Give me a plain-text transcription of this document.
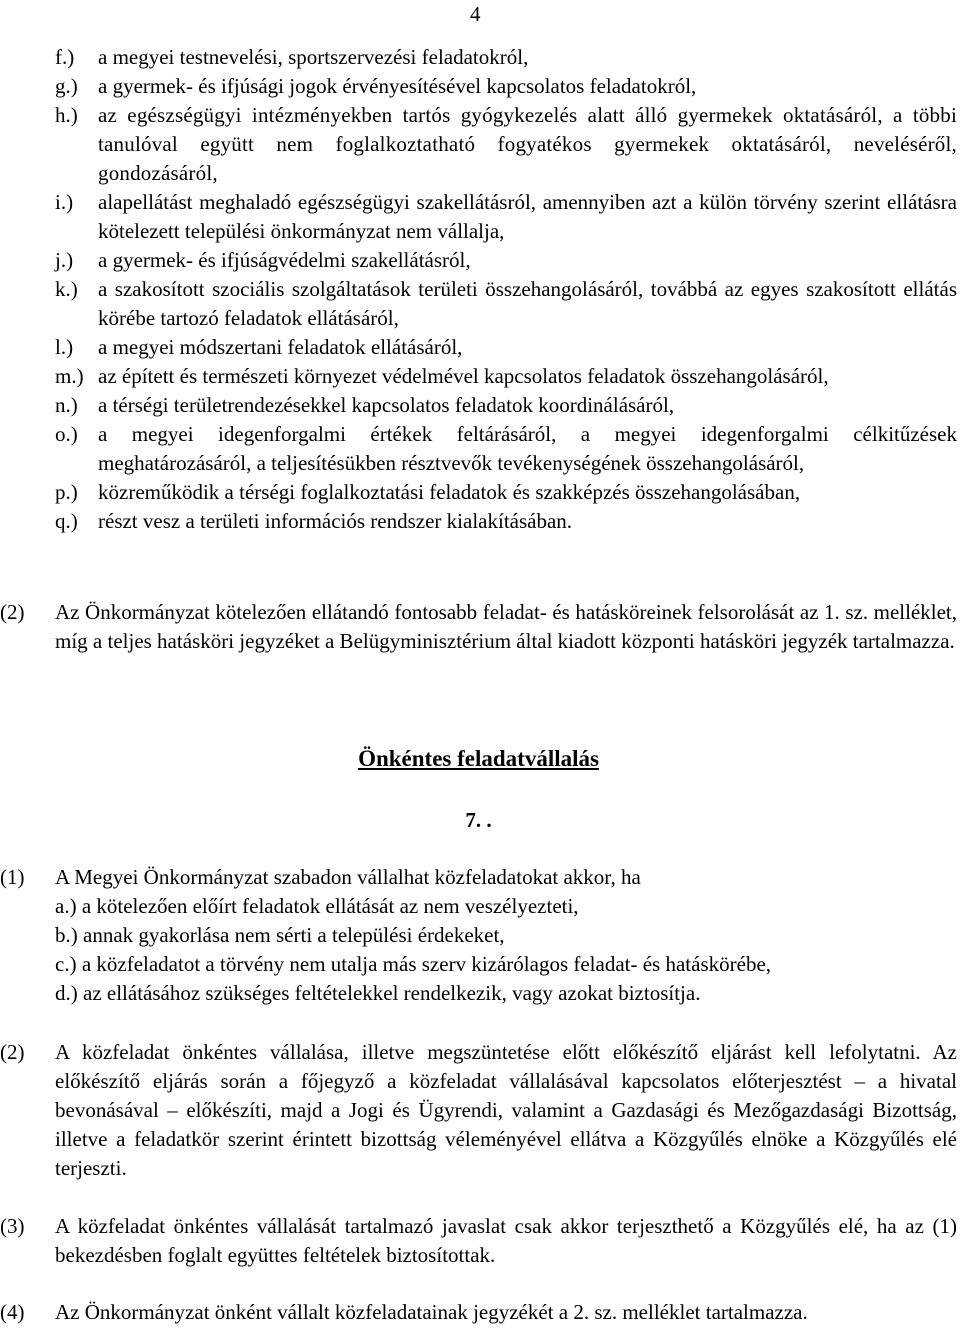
4
f.) a megyei testnevelési, sportszervezési feladatokról,
g.) a gyermek- és ifjúsági jogok érvényesítésével kapcsolatos feladatokról,
h.) az egészségügyi intézményekben tartós gyógykezelés alatt álló gyermekek oktatásáról, a többi tanulóval együtt nem foglalkoztatható fogyatékos gyermekek oktatásáról, neveléséről, gondozásáról,
i.) alapellátást meghaladó egészségügyi szakellátásról, amennyiben azt a külön törvény szerint ellátásra kötelezett települési önkormányzat nem vállalja,
j.) a gyermek- és ifjúságvédelmi szakellátásról,
k.) a szakosított szociális szolgáltatások területi összehangolásáról, továbbá az egyes szakosított ellátás körébe tartozó feladatok ellátásáról,
l.) a megyei módszertani feladatok ellátásáról,
m.) az épített és természeti környezet védelmével kapcsolatos feladatok összehangolásáról,
n.) a térségi területrendezésekkel kapcsolatos feladatok koordinálásáról,
o.) a megyei idegenforgalmi értékek feltárásáról, a megyei idegenforgalmi célkitűzések meghatározásáról, a teljesítésükben résztvevők tevékenységének összehangolásáról,
p.) közreműködik a térségi foglalkoztatási feladatok és szakképzés összehangolásában,
q.) részt vesz a területi információs rendszer kialakításában.
(2) Az Önkormányzat kötelezően ellátandó fontosabb feladat- és hatásköreinek felsorolását az 1. sz. melléklet, míg a teljes hatásköri jegyzéket a Belügyminisztérium által kiadott központi hatásköri jegyzék tartalmazza.
Önkéntes feladatvállalás
7. .
(1) A Megyei Önkormányzat szabadon vállalhat közfeladatokat akkor, ha
a.) a kötelezően előírt feladatok ellátását az nem veszélyezteti,
b.) annak gyakorlása nem sérti a települési érdekeket,
c.) a közfeladatot a törvény nem utalja más szerv kizárólagos feladat- és hatáskörébe,
d.) az ellátásához szükséges feltételekkel rendelkezik, vagy azokat biztosítja.
(2) A közfeladat önkéntes vállalása, illetve megszüntetése előtt előkészítő eljárást kell lefolytatni. Az előkészítő eljárás során a főjegyző a közfeladat vállalásával kapcsolatos előterjesztést – a hivatal bevonásával – előkészíti, majd a Jogi és Ügyrendi, valamint a Gazdasági és Mezőgazdasági Bizottság, illetve a feladatkör szerint érintett bizottság véleményével ellátva a Közgyűlés elnöke a Közgyűlés elé terjeszti.
(3) A közfeladat önkéntes vállalását tartalmazó javaslat csak akkor terjeszthető a Közgyűlés elé, ha az (1) bekezdésben foglalt együttes feltételek biztosítottak.
(4) Az Önkormányzat önként vállalt közfeladatainak jegyzékét a 2. sz. melléklet tartalmazza.
